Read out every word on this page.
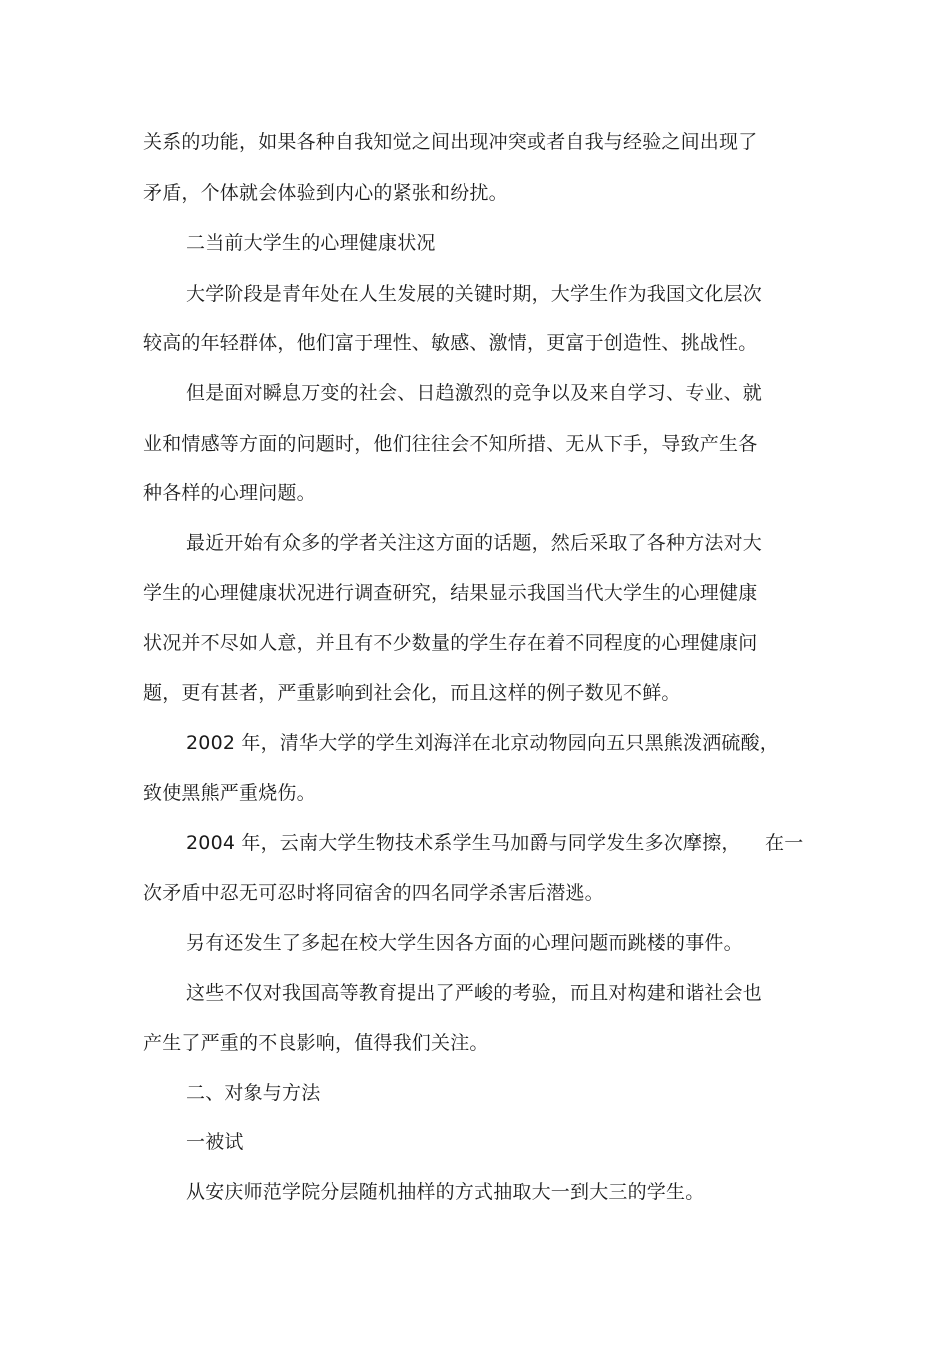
关系的功能，如果各种自我知觉之间出现冲突或者自我与经验之间出现了
矛盾，个体就会体验到内心的紧张和纷扰。
二当前大学生的心理健康状况
大学阶段是青年处在人生发展的关键时期，大学生作为我国文化层次
较高的年轻群体，他们富于理性、敏感、激情，更富于创造性、挑战性。
但是面对瞬息万变的社会、日趋激烈的竞争以及来自学习、专业、就
业和情感等方面的问题时，他们往往会不知所措、无从下手，导致产生各
种各样的心理问题。
最近开始有众多的学者关注这方面的话题，然后采取了各种方法对大
学生的心理健康状况进行调查研究，结果显示我国当代大学生的心理健康
状况并不尽如人意，并且有不少数量的学生存在着不同程度的心理健康问
题，更有甚者，严重影响到社会化，而且这样的例子数见不鲜。
2002 年，清华大学的学生刘海洋在北京动物园向五只黑熊泼洒硫酸，
致使黑熊严重烧伤。
2004 年，云南大学生物技术系学生马加爵与同学发生多次摩擦， 在一
次矛盾中忍无可忍时将同宿舍的四名同学杀害后潜逃。
另有还发生了多起在校大学生因各方面的心理问题而跳楼的事件。
这些不仅对我国高等教育提出了严峻的考验，而且对构建和谐社会也
产生了严重的不良影响，值得我们关注。
二、对象与方法
一被试
从安庆师范学院分层随机抽样的方式抽取大一到大三的学生。
